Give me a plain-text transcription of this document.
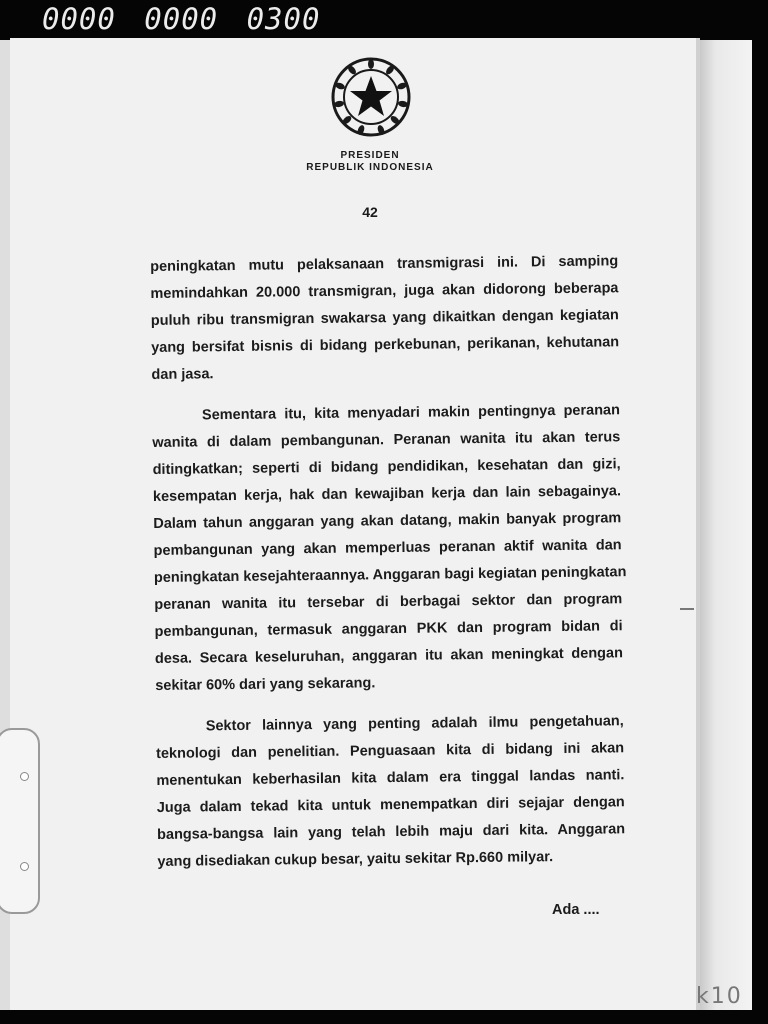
0000 0000 0300
PRESIDEN
REPUBLIK INDONESIA
42
peningkatan mutu pelaksanaan transmigrasi ini. Di samping
memindahkan 20.000 transmigran, juga akan didorong beberapa
puluh ribu transmigran swakarsa yang dikaitkan dengan kegiatan
yang bersifat bisnis di bidang perkebunan, perikanan, kehutanan
dan jasa.
Sementara itu, kita menyadari makin pentingnya peranan
wanita di dalam pembangunan. Peranan wanita itu akan terus
ditingkatkan; seperti di bidang pendidikan, kesehatan dan gizi,
kesempatan kerja, hak dan kewajiban kerja dan lain sebagainya.
Dalam tahun anggaran yang akan datang, makin banyak program
pembangunan yang akan memperluas peranan aktif wanita dan
peningkatan kesejahteraannya. Anggaran bagi kegiatan peningkatan
peranan wanita itu tersebar di berbagai sektor dan program
pembangunan, termasuk anggaran PKK dan program bidan di
desa. Secara keseluruhan, anggaran itu akan meningkat dengan
sekitar 60% dari yang sekarang.
Sektor lainnya yang penting adalah ilmu pengetahuan,
teknologi dan penelitian. Penguasaan kita di bidang ini akan
menentukan keberhasilan kita dalam era tinggal landas nanti.
Juga dalam tekad kita untuk menempatkan diri sejajar dengan
bangsa-bangsa lain yang telah lebih maju dari kita. Anggaran
yang disediakan cukup besar, yaitu sekitar Rp.660 milyar.
Ada ....
k10
